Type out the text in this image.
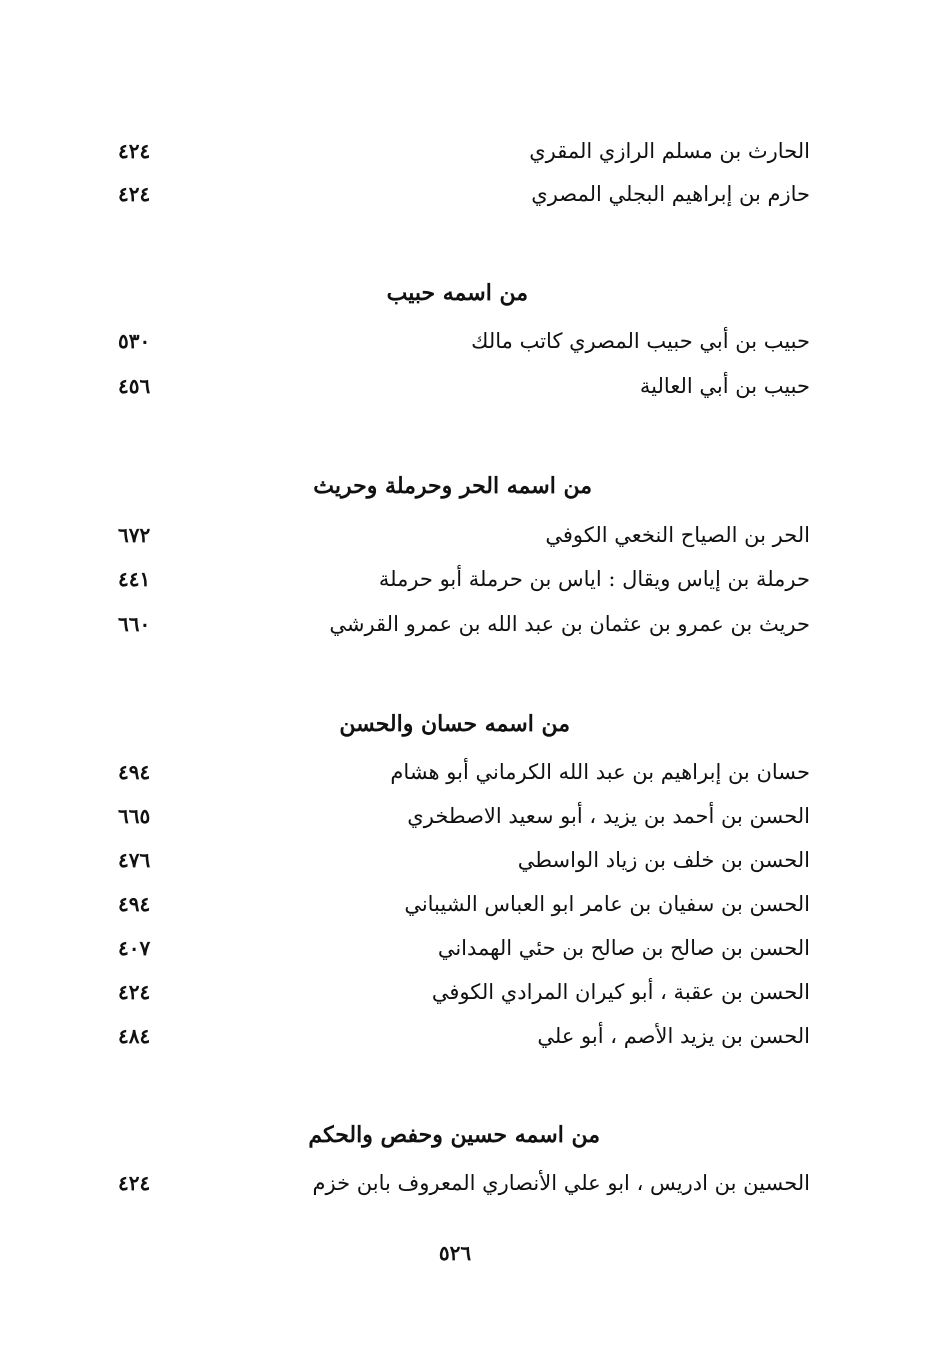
الحارث بن مسلم الرازي المقري
٤٢٤
حازم بن إبراهيم البجلي المصري
٤٢٤
من اسمه حبيب
حبيب بن أبي حبيب المصري كاتب مالك
٥٣٠
حبيب بن أبي العالية
٤٥٦
من اسمه الحر وحرملة وحريث
الحر بن الصياح النخعي الكوفي
٦٧٢
حرملة بن إياس ويقال : اياس بن حرملة أبو حرملة
٤٤١
حريث بن عمرو بن عثمان بن عبد الله بن عمرو القرشي
٦٦٠
من اسمه حسان والحسن
حسان بن إبراهيم بن عبد الله الكرماني أبو هشام
٤٩٤
الحسن بن أحمد بن يزيد ، أبو سعيد الاصطخري
٦٦٥
الحسن بن خلف بن زياد الواسطي
٤٧٦
الحسن بن سفيان بن عامر ابو العباس الشيباني
٤٩٤
الحسن بن صالح بن صالح بن حئي الهمداني
٤٠٧
الحسن بن عقبة ، أبو كيران المرادي الكوفي
٤٢٤
الحسن بن يزيد الأصم ، أبو علي
٤٨٤
من اسمه حسين وحفص والحكم
الحسين بن ادريس ، ابو علي الأنصاري المعروف بابن خزم
٤٢٤
٥٢٦
